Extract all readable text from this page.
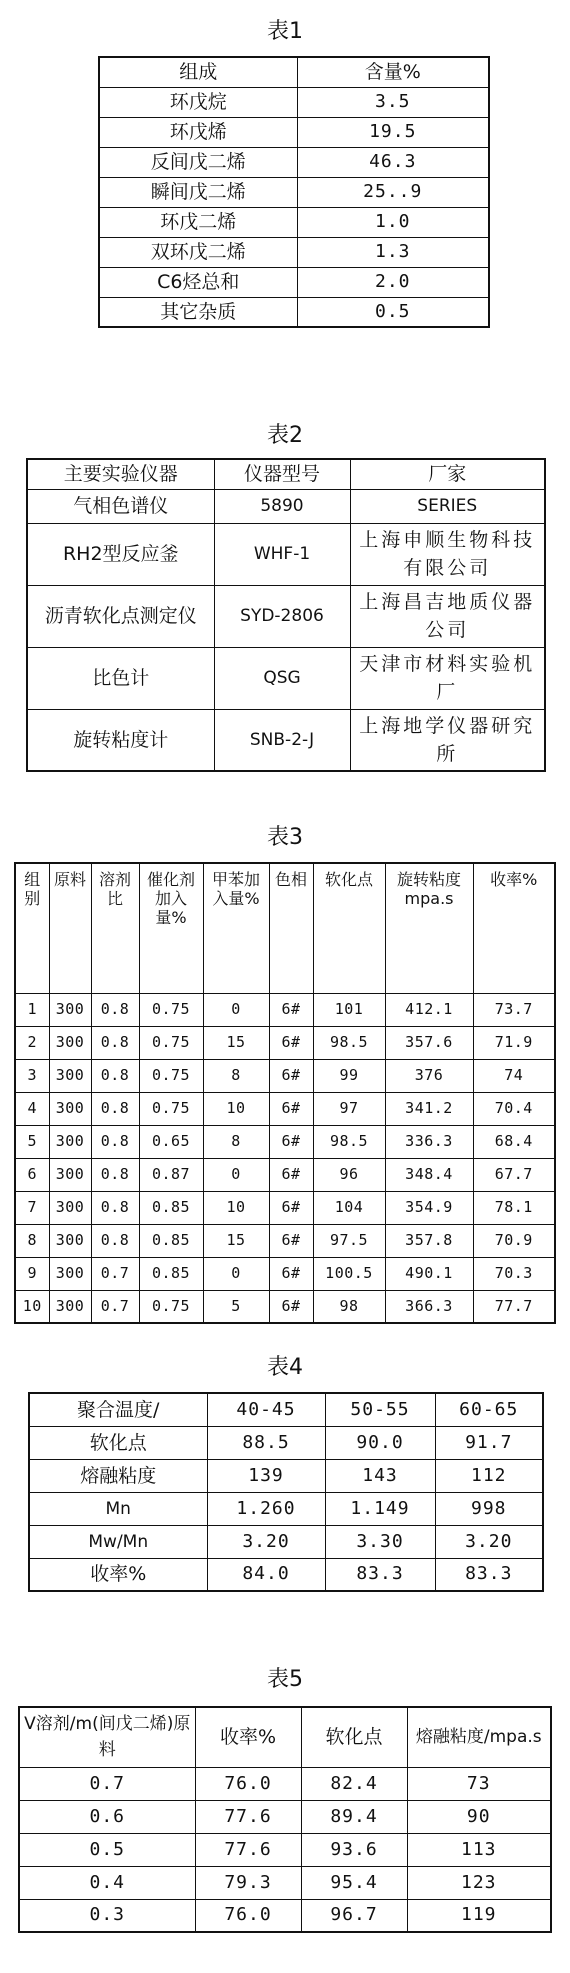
表1
组成	含量%
环戊烷	3.5
环戊烯	19.5
反间戊二烯	46.3
瞬间戊二烯	25..9
环戊二烯	1.0
双环戊二烯	1.3
C6烃总和	2.0
其它杂质	0.5
表2
主要实验仪器	仪器型号	厂家
气相色谱仪	5890	SERIES
RH2型反应釜	WHF-1	上海申顺生物科技有限公司
沥青软化点测定仪	SYD-2806	上海昌吉地质仪器公司
比色计	QSG	天津市材料实验机厂
旋转粘度计	SNB-2-J	上海地学仪器研究所
表3
组别	原料	溶剂比	催化剂加入量%	甲苯加入量%	色相	软化点	旋转粘度mpa.s	收率%
1	300	0.8	0.75	0	6#	101	412.1	73.7
2	300	0.8	0.75	15	6#	98.5	357.6	71.9
3	300	0.8	0.75	8	6#	99	376	74
4	300	0.8	0.75	10	6#	97	341.2	70.4
5	300	0.8	0.65	8	6#	98.5	336.3	68.4
6	300	0.8	0.87	0	6#	96	348.4	67.7
7	300	0.8	0.85	10	6#	104	354.9	78.1
8	300	0.8	0.85	15	6#	97.5	357.8	70.9
9	300	0.7	0.85	0	6#	100.5	490.1	70.3
10	300	0.7	0.75	5	6#	98	366.3	77.7
表4
聚合温度/	40-45	50-55	60-65
软化点	88.5	90.0	91.7
熔融粘度	139	143	112
Mn	1.260	1.149	998
Mw/Mn	3.20	3.30	3.20
收率%	84.0	83.3	83.3
表5
V溶剂/m(间戊二烯)原料	收率%	软化点	熔融粘度/mpa.s
0.7	76.0	82.4	73
0.6	77.6	89.4	90
0.5	77.6	93.6	113
0.4	79.3	95.4	123
0.3	76.0	96.7	119
